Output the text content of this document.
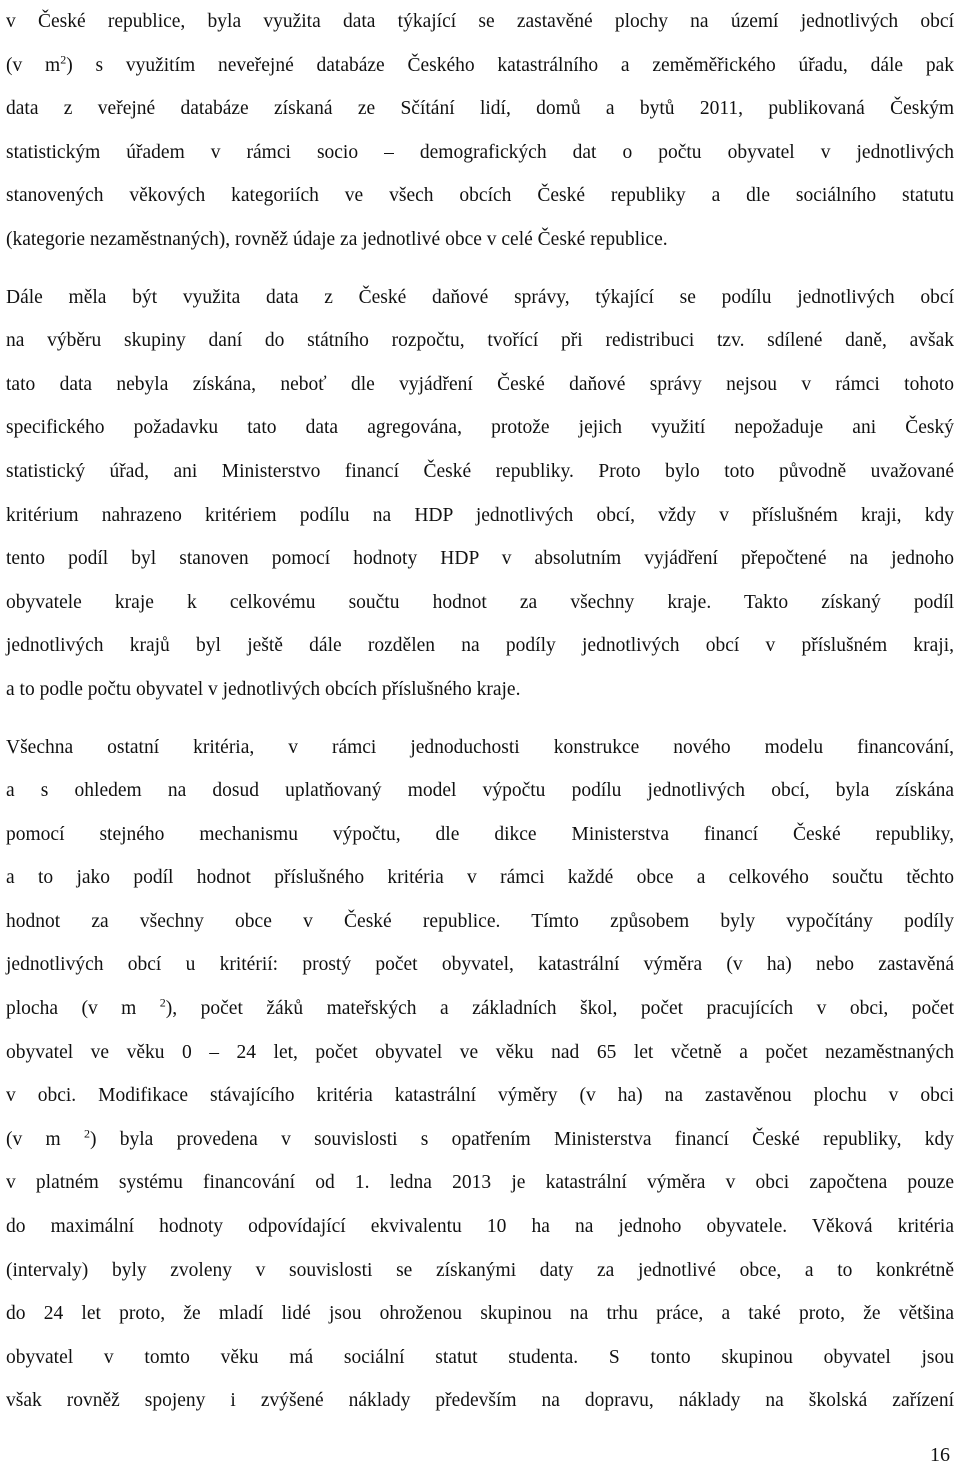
v České republice, byla využita data týkající se zastavěné plochy na území jednotlivých obcí
(v $m^2$) s využitím neveřejné databáze Českého katastrálního a zeměměřického úřadu, dále pak
data z veřejné databáze získaná ze Sčítání lidí, domů a bytů 2011, publikovaná Českým
statistickým úřadem v rámci socio – demografických dat o počtu obyvatel v jednotlivých
stanovených věkových kategoriích ve všech obcích České republiky a dle sociálního statutu
(kategorie nezaměstnaných), rovněž údaje za jednotlivé obce v celé České republice.
Dále měla být využita data z České daňové správy, týkající se podílu jednotlivých obcí
na výběru skupiny daní do státního rozpočtu, tvořící při redistribuci tzv. sdílené daně, avšak
tato data nebyla získána, neboť dle vyjádření České daňové správy nejsou v rámci tohoto
specifického požadavku tato data agregována, protože jejich využití nepožaduje ani Český
statistický úřad, ani Ministerstvo financí České republiky. Proto bylo toto původně uvažované
kritérium nahrazeno kritériem podílu na HDP jednotlivých obcí, vždy v příslušném kraji, kdy
tento podíl byl stanoven pomocí hodnoty HDP v absolutním vyjádření přepočtené na jednoho
obyvatele kraje k celkovému součtu hodnot za všechny kraje. Takto získaný podíl
jednotlivých krajů byl ještě dále rozdělen na podíly jednotlivých obcí v příslušném kraji,
a to podle počtu obyvatel v jednotlivých obcích příslušného kraje.
Všechna ostatní kritéria, v rámci jednoduchosti konstrukce nového modelu financování,
a s ohledem na dosud uplatňovaný model výpočtu podílu jednotlivých obcí, byla získána
pomocí stejného mechanismu výpočtu, dle dikce Ministerstva financí České republiky,
a to jako podíl hodnot příslušného kritéria v rámci každé obce a celkového součtu těchto
hodnot za všechny obce v České republice. Tímto způsobem byly vypočítány podíly
jednotlivých obcí u kritérií: prostý počet obyvatel, katastrální výměra (v ha) nebo zastavěná
plocha (v m $^2$), počet žáků mateřských a základních škol, počet pracujících v obci, počet
obyvatel ve věku 0 – 24 let, počet obyvatel ve věku nad 65 let včetně a počet nezaměstnaných
v obci. Modifikace stávajícího kritéria katastrální výměry (v ha) na zastavěnou plochu v obci
(v m $^2$) byla provedena v souvislosti s opatřením Ministerstva financí České republiky, kdy
v platném systému financování od 1. ledna 2013 je katastrální výměra v obci započtena pouze
do maximální hodnoty odpovídající ekvivalentu 10 ha na jednoho obyvatele. Věková kritéria
(intervaly) byly zvoleny v souvislosti se získanými daty za jednotlivé obce, a to konkrétně
do 24 let proto, že mladí lidé jsou ohroženou skupinou na trhu práce, a také proto, že většina
obyvatel v tomto věku má sociální statut studenta. S tonto skupinou obyvatel jsou
však rovněž spojeny i zvýšené náklady především na dopravu, náklady na školská zařízení
16
